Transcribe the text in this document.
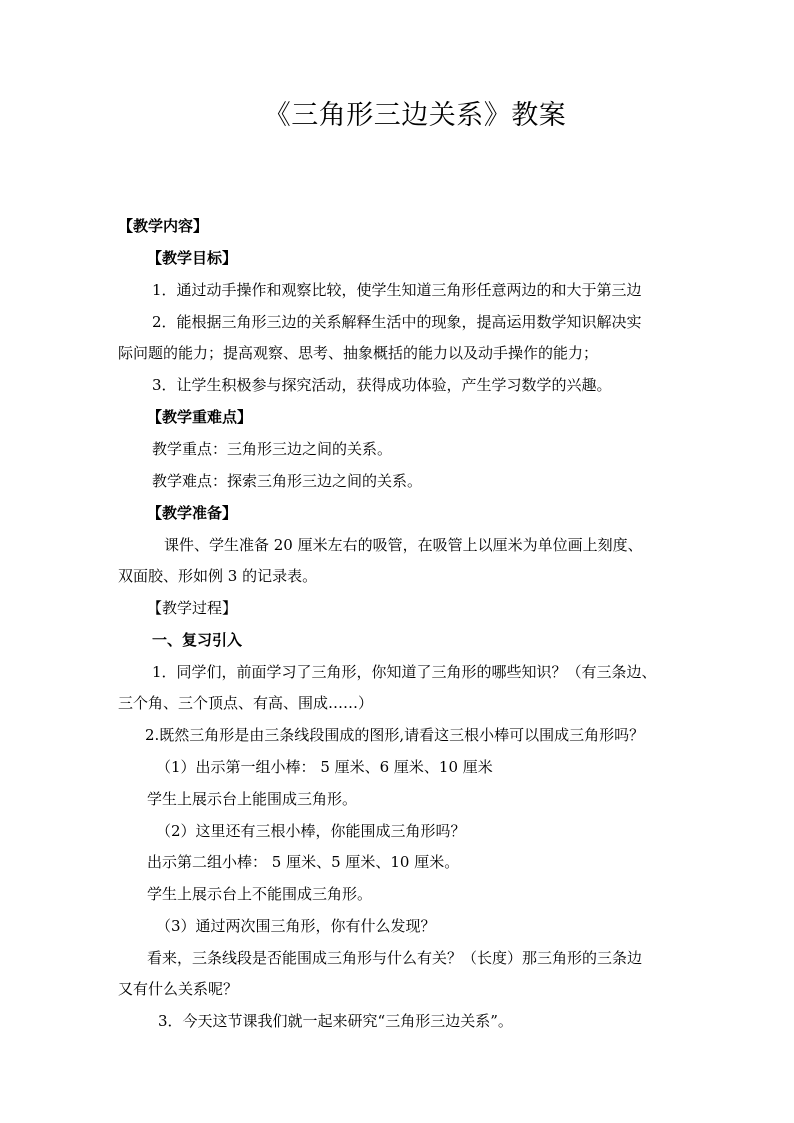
《三角形三边关系》教案
【教学内容】
【教学目标】
1．通过动手操作和观察比较，使学生知道三角形任意两边的和大于第三边
2．能根据三角形三边的关系解释生活中的现象，提高运用数学知识解决实
际问题的能力；提高观察、思考、抽象概括的能力以及动手操作的能力；
3．让学生积极参与探究活动，获得成功体验，产生学习数学的兴趣。
【教学重难点】
教学重点：三角形三边之间的关系。
教学难点：探索三角形三边之间的关系。
【教学准备】
课件、学生准备 20 厘米左右的吸管，在吸管上以厘米为单位画上刻度、
双面胶、形如例 3 的记录表。
【教学过程】
一、复习引入
1．同学们，前面学习了三角形，你知道了三角形的哪些知识？（有三条边、
三个角、三个顶点、有高、围成……）
2.既然三角形是由三条线段围成的图形,请看这三根小棒可以围成三角形吗？
（1）出示第一组小棒： 5 厘米、6 厘米、10 厘米
学生上展示台上能围成三角形。
（2）这里还有三根小棒，你能围成三角形吗？
出示第二组小棒： 5 厘米、5 厘米、10 厘米。
学生上展示台上不能围成三角形。
（3）通过两次围三角形，你有什么发现？
看来，三条线段是否能围成三角形与什么有关？（长度）那三角形的三条边
又有什么关系呢？
3．今天这节课我们就一起来研究“三角形三边关系”。
